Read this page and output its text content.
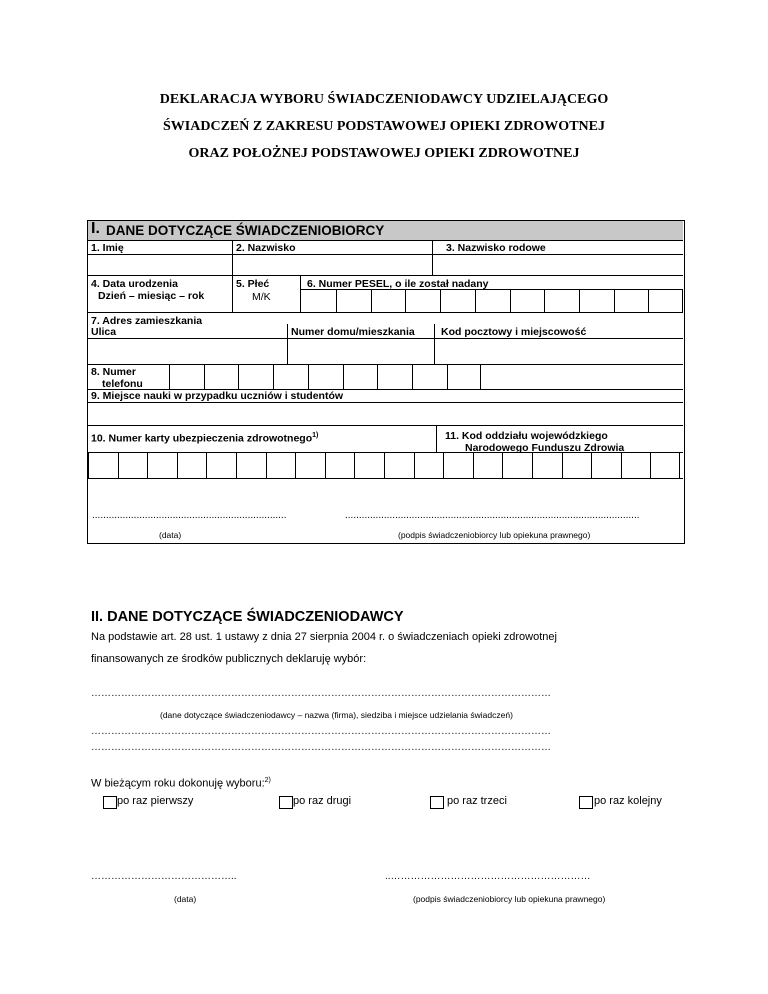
DEKLARACJA WYBORU ŚWIADCZENIODAWCY UDZIELAJĄCEGO
ŚWIADCZEŃ Z ZAKRESU PODSTAWOWEJ OPIEKI ZDROWOTNEJ
ORAZ POŁOŻNEJ PODSTAWOWEJ OPIEKI ZDROWOTNEJ
I. DANE DOTYCZĄCE ŚWIADCZENIOBIORCY
1. Imię	2. Nazwisko	3. Nazwisko rodowe
4. Data urodzenia
Dzień – miesiąc – rok
5. Płeć
M/K
6. Numer PESEL, o ile został nadany
7. Adres zamieszkania
Ulica	Numer domu/mieszkania	Kod pocztowy i miejscowość
8. Numer
telefonu
9. Miejsce nauki w przypadku uczniów i studentów
10. Numer karty ubezpieczenia zdrowotnego$^{1)}$	11. Kod oddziału wojewódzkiego
Narodowego Funduszu Zdrowia
......................................................................	..........................................................................................................
(data)	(podpis świadczeniobiorcy lub opiekuna prawnego)
II. DANE DOTYCZĄCE ŚWIADCZENIODAWCY
Na podstawie art. 28 ust. 1 ustawy z dnia 27 sierpnia 2004 r. o świadczeniach opieki zdrowotnej
finansowanych ze środków publicznych deklaruję wybór:
…………………………………………………………………………………………………………………………
(dane dotyczące świadczeniodawcy – nazwa (firma), siedziba i miejsce udzielania świadczeń)
…………………………………………………………………………………………………………………………
…………………………………………………………………………………………………………………………
W bieżącym roku dokonuję wyboru:$^{2)}$
po raz pierwszy	po raz drugi	po raz trzeci	po raz kolejny
……………………………………..	..……………………………………………………
(data)	(podpis świadczeniobiorcy lub opiekuna prawnego)
